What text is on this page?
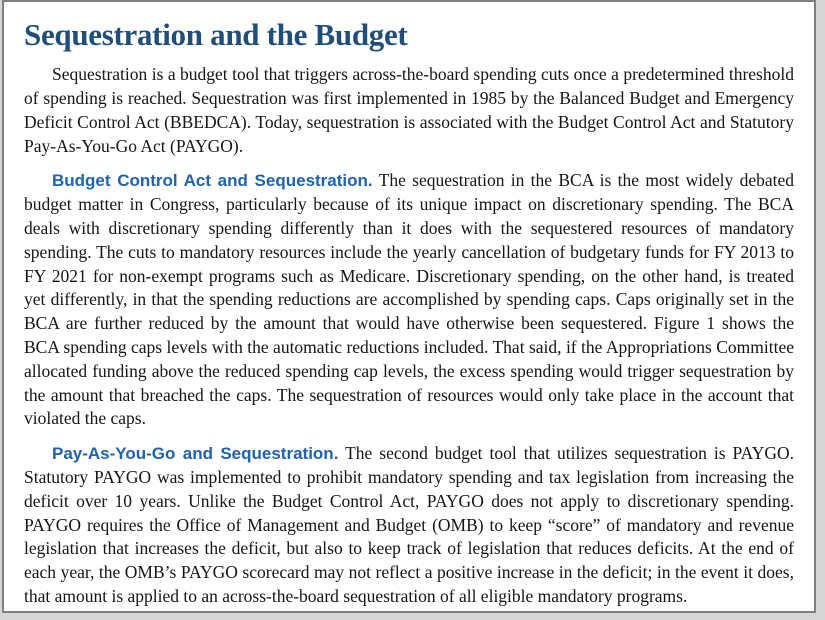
Sequestration and the Budget

Sequestration is a budget tool that triggers across-the-board spending cuts once a predetermined threshold of spending is reached. Sequestration was first implemented in 1985 by the Balanced Budget and Emergency Deficit Control Act (BBEDCA). Today, sequestration is associated with the Budget Control Act and Statutory Pay-As-You-Go Act (PAYGO).

Budget Control Act and Sequestration. The sequestration in the BCA is the most widely debated budget matter in Congress, particularly because of its unique impact on discretionary spending. The BCA deals with discretionary spending differently than it does with the sequestered resources of mandatory spending. The cuts to mandatory resources include the yearly cancellation of budgetary funds for FY 2013 to FY 2021 for non-exempt programs such as Medicare. Discretionary spending, on the other hand, is treated yet differently, in that the spending reductions are accomplished by spending caps. Caps originally set in the BCA are further reduced by the amount that would have otherwise been sequestered. Figure 1 shows the BCA spending caps levels with the automatic reductions included. That said, if the Appropriations Committee allocated funding above the reduced spending cap levels, the excess spending would trigger sequestration by the amount that breached the caps. The sequestration of resources would only take place in the account that violated the caps.

Pay-As-You-Go and Sequestration. The second budget tool that utilizes sequestration is PAYGO. Statutory PAYGO was implemented to prohibit mandatory spending and tax legislation from increasing the deficit over 10 years. Unlike the Budget Control Act, PAYGO does not apply to discretionary spending. PAYGO requires the Office of Management and Budget (OMB) to keep “score” of mandatory and revenue legislation that increases the deficit, but also to keep track of legislation that reduces deficits. At the end of each year, the OMB’s PAYGO scorecard may not reflect a positive increase in the deficit; in the event it does, that amount is applied to an across-the-board sequestration of all eligible mandatory programs.
